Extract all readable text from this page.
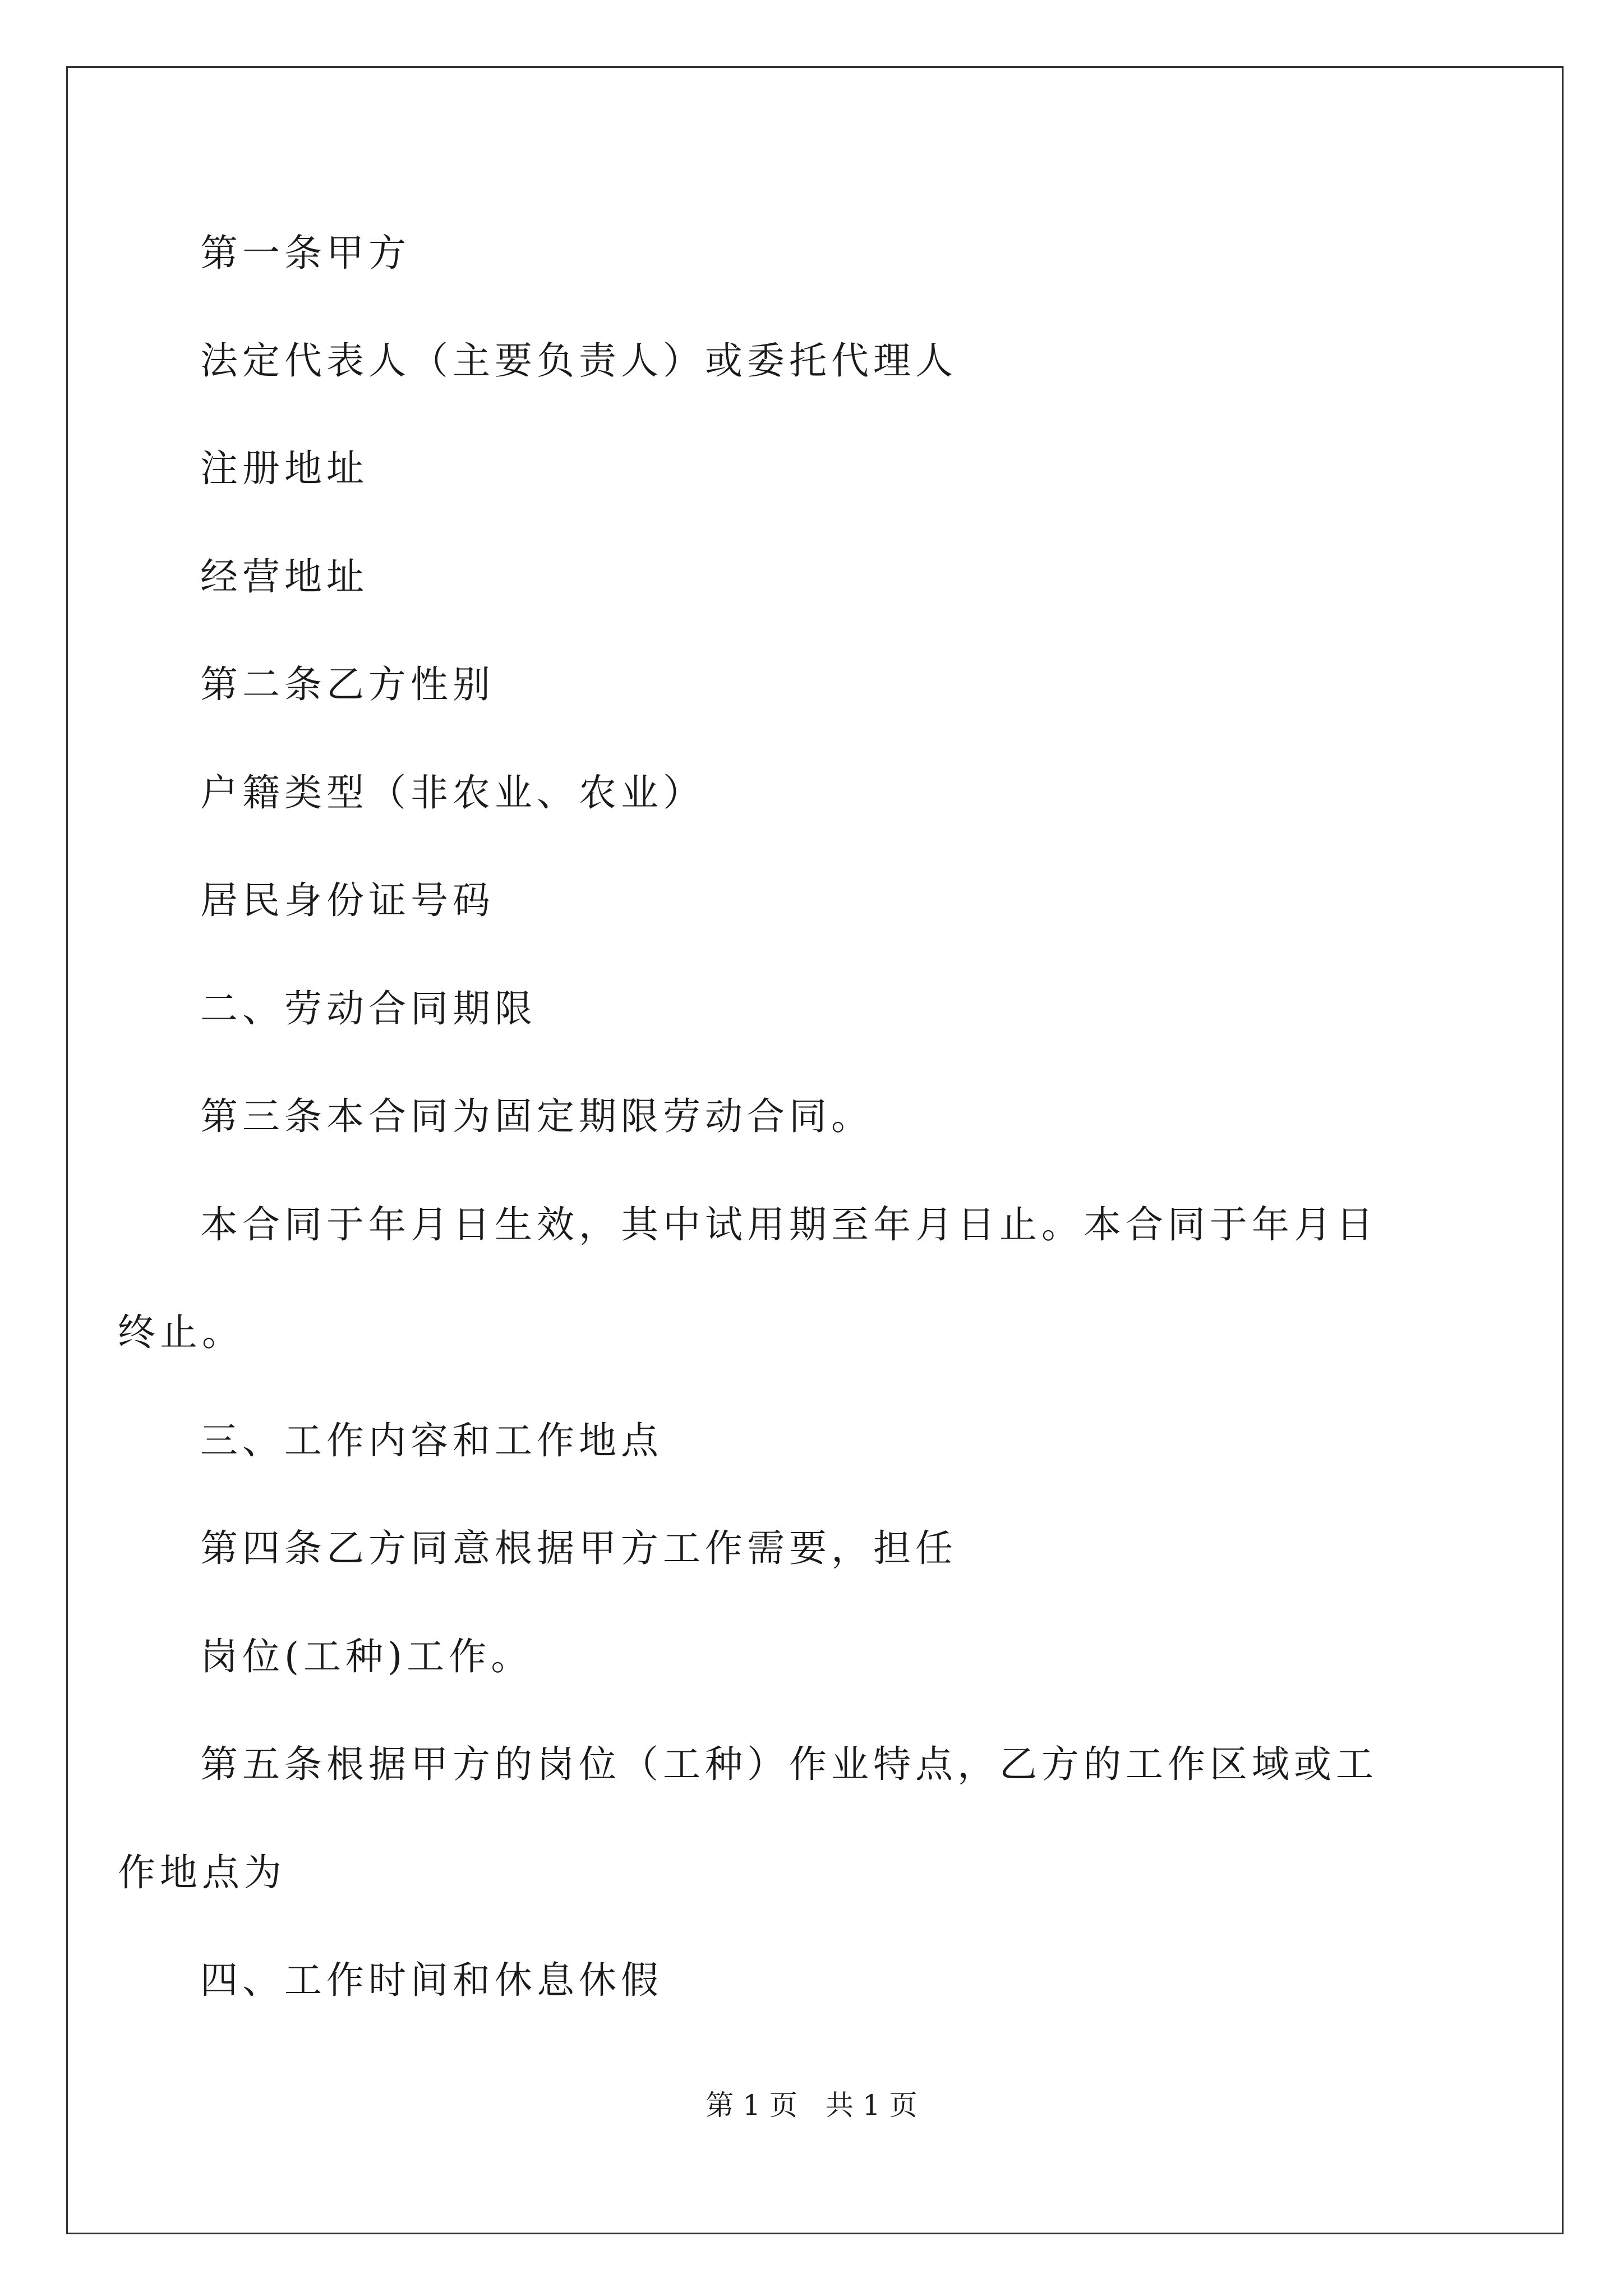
第一条甲方
法定代表人（主要负责人）或委托代理人
注册地址
经营地址
第二条乙方性别
户籍类型（非农业、农业）
居民身份证号码
二、劳动合同期限
第三条本合同为固定期限劳动合同。
本合同于年月日生效，其中试用期至年月日止。本合同于年月日
终止。
三、工作内容和工作地点
第四条乙方同意根据甲方工作需要，担任
岗位(工种)工作。
第五条根据甲方的岗位（工种）作业特点，乙方的工作区域或工
作地点为
四、工作时间和休息休假
第 1 页 共 1 页
